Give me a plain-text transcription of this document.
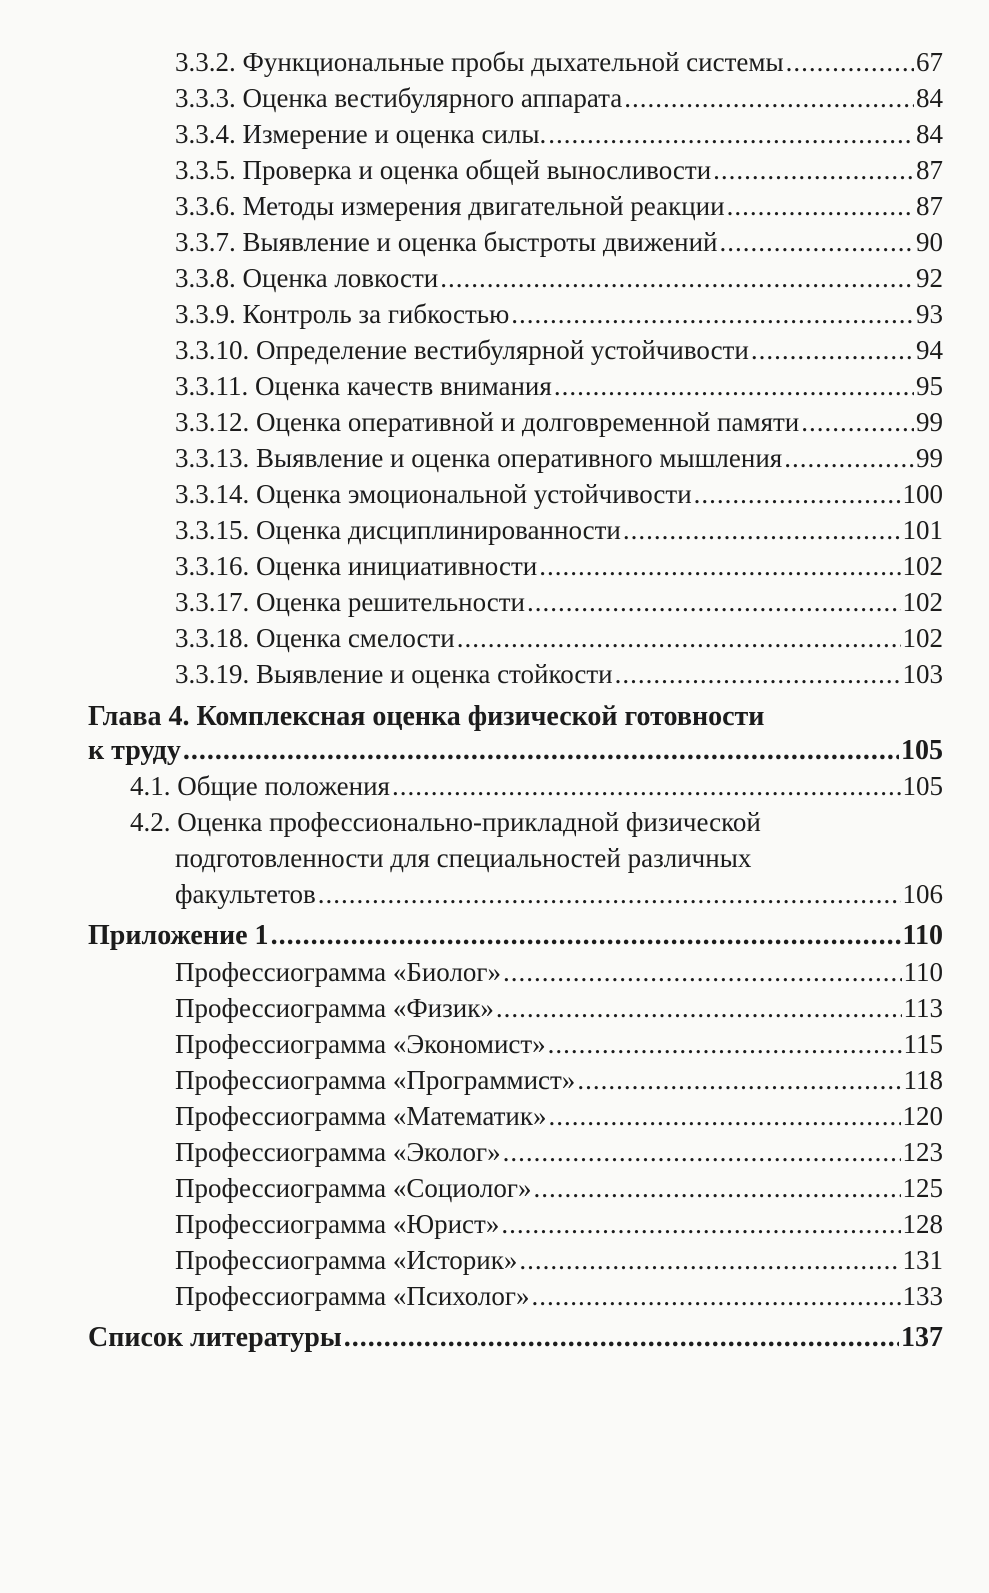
3.3.2. Функциональные пробы дыхательной системы .....	67
3.3.3. Оценка вестибулярного аппарата .....	84
3.3.4. Измерение и оценка силы. .....	84
3.3.5. Проверка и оценка общей выносливости .....	87
3.3.6. Методы измерения двигательной реакции .....	87
3.3.7. Выявление и оценка быстроты движений .....	90
3.3.8. Оценка ловкости .....	92
3.3.9. Контроль за гибкостью .....	93
3.3.10. Определение вестибулярной устойчивости .....	94
3.3.11. Оценка качеств внимания .....	95
3.3.12. Оценка оперативной и долговременной памяти .....	99
3.3.13. Выявление и оценка оперативного мышления .....	99
3.3.14. Оценка эмоциональной устойчивости .....	100
3.3.15. Оценка дисциплинированности .....	101
3.3.16. Оценка инициативности .....	102
3.3.17. Оценка решительности .....	102
3.3.18. Оценка смелости .....	102
3.3.19. Выявление и оценка стойкости .....	103
Глава 4. Комплексная оценка физической готовности
к труду .....	105
4.1. Общие положения .....	105
4.2. Оценка профессионально-прикладной физической
подготовленности для специальностей различных
факультетов .....	106
Приложение 1 .....	110
Профессиограмма «Биолог» .....	110
Профессиограмма «Физик» .....	113
Профессиограмма «Экономист» .....	115
Профессиограмма «Программист» .....	118
Профессиограмма «Математик» .....	120
Профессиограмма «Эколог» .....	123
Профессиограмма «Социолог» .....	125
Профессиограмма «Юрист» .....	128
Профессиограмма «Историк» .....	131
Профессиограмма «Психолог» .....	133
Список литературы .....	137
